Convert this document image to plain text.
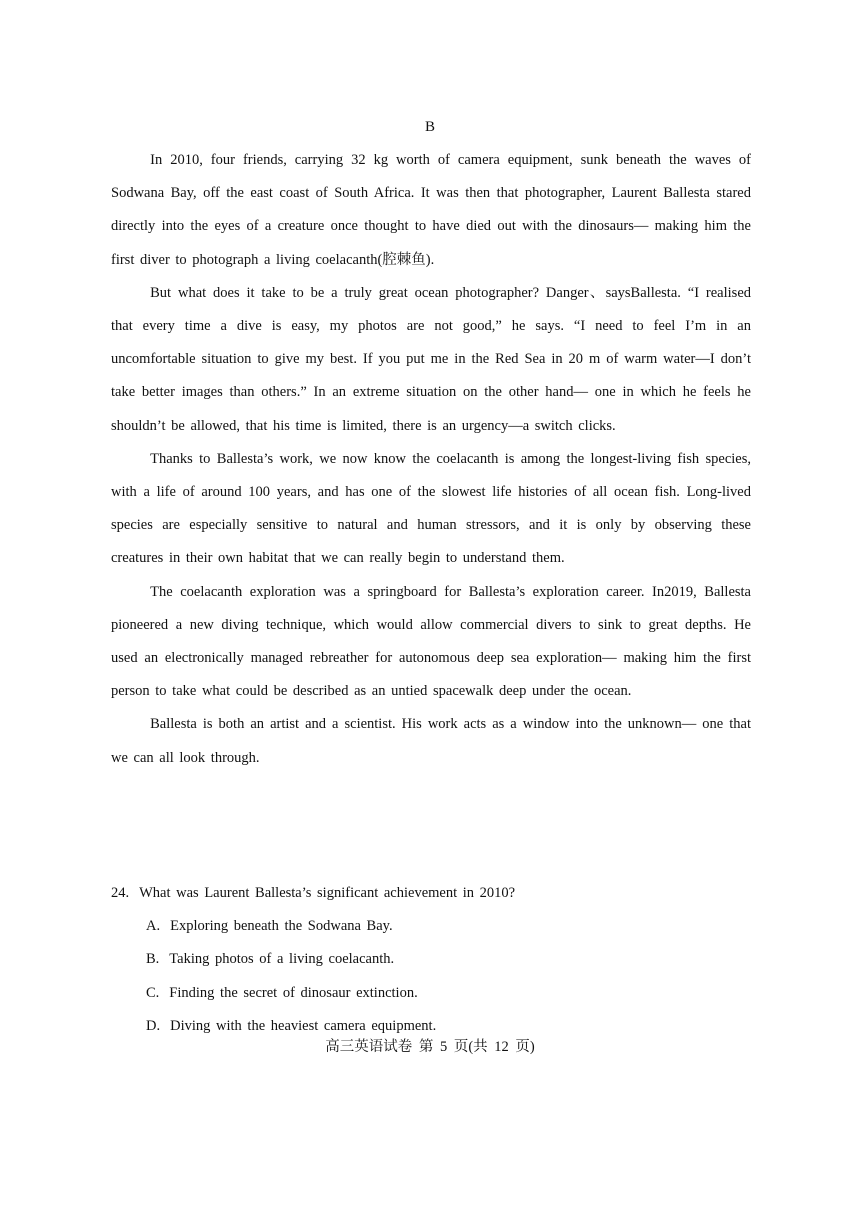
B

In 2010, four friends, carrying 32 kg worth of camera equipment, sunk beneath the waves of Sodwana Bay, off the east coast of South Africa. It was then that photographer, Laurent Ballesta stared directly into the eyes of a creature once thought to have died out with the dinosaurs— making him the first diver to photograph a living coelacanth(腔棘鱼).

But what does it take to be a truly great ocean photographer? Danger、saysBallesta. “I realised that every time a dive is easy, my photos are not good,” he says. “I need to feel I’m in an uncomfortable situation to give my best. If you put me in the Red Sea in 20 m of warm water—I don’t take better images than others.” In an extreme situation on the other hand— one in which he feels he shouldn’t be allowed, that his time is limited, there is an urgency—a switch clicks.

Thanks to Ballesta’s work, we now know the coelacanth is among the longest-living fish species, with a life of around 100 years, and has one of the slowest life histories of all ocean fish. Long-lived species are especially sensitive to natural and human stressors, and it is only by observing these creatures in their own habitat that we can really begin to understand them.

The coelacanth exploration was a springboard for Ballesta’s exploration career. In2019, Ballesta pioneered a new diving technique, which would allow commercial divers to sink to great depths. He used an electronically managed rebreather for autonomous deep sea exploration— making him the first person to take what could be described as an untied spacewalk deep under the ocean.

Ballesta is both an artist and a scientist. His work acts as a window into the unknown— one that we can all look through.

24. What was Laurent Ballesta’s significant achievement in 2010?

A. Exploring beneath the Sodwana Bay.

B. Taking photos of a living coelacanth.

C. Finding the secret of dinosaur extinction.

D. Diving with the heaviest camera equipment.

高三英语试卷 第 5 页(共 12 页)
